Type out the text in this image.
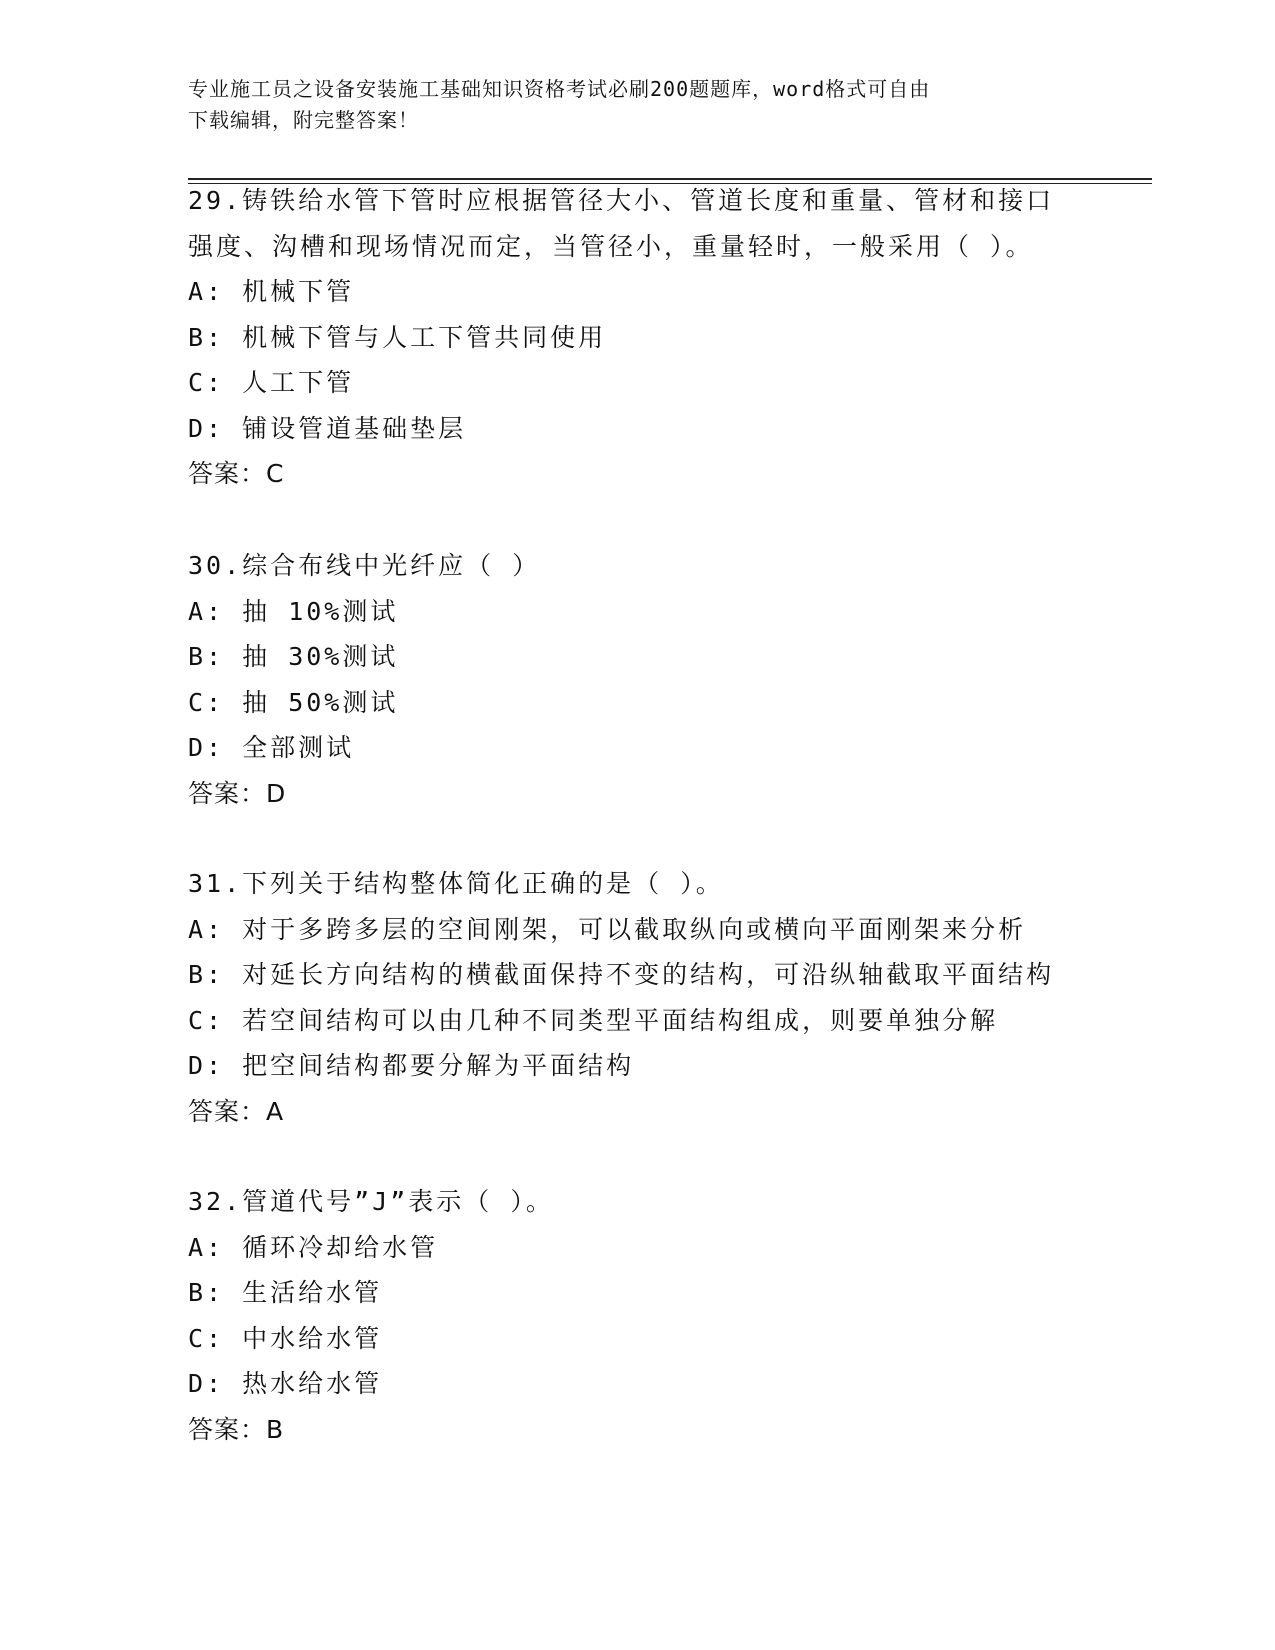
专业施工员之设备安装施工基础知识资格考试必刷200题题库，word格式可自由
下载编辑，附完整答案！
29.铸铁给水管下管时应根据管径大小、管道长度和重量、管材和接口
强度、沟槽和现场情况而定，当管径小，重量轻时，一般采用（ ）。
A: 机械下管
B: 机械下管与人工下管共同使用
C: 人工下管
D: 铺设管道基础垫层
答案：C
30.综合布线中光纤应（ ）
A: 抽 10%测试
B: 抽 30%测试
C: 抽 50%测试
D: 全部测试
答案：D
31.下列关于结构整体简化正确的是（ ）。
A: 对于多跨多层的空间刚架，可以截取纵向或横向平面刚架来分析
B: 对延长方向结构的横截面保持不变的结构，可沿纵轴截取平面结构
C: 若空间结构可以由几种不同类型平面结构组成，则要单独分解
D: 把空间结构都要分解为平面结构
答案：A
32.管道代号”J”表示（ ）。
A: 循环冷却给水管
B: 生活给水管
C: 中水给水管
D: 热水给水管
答案：B
